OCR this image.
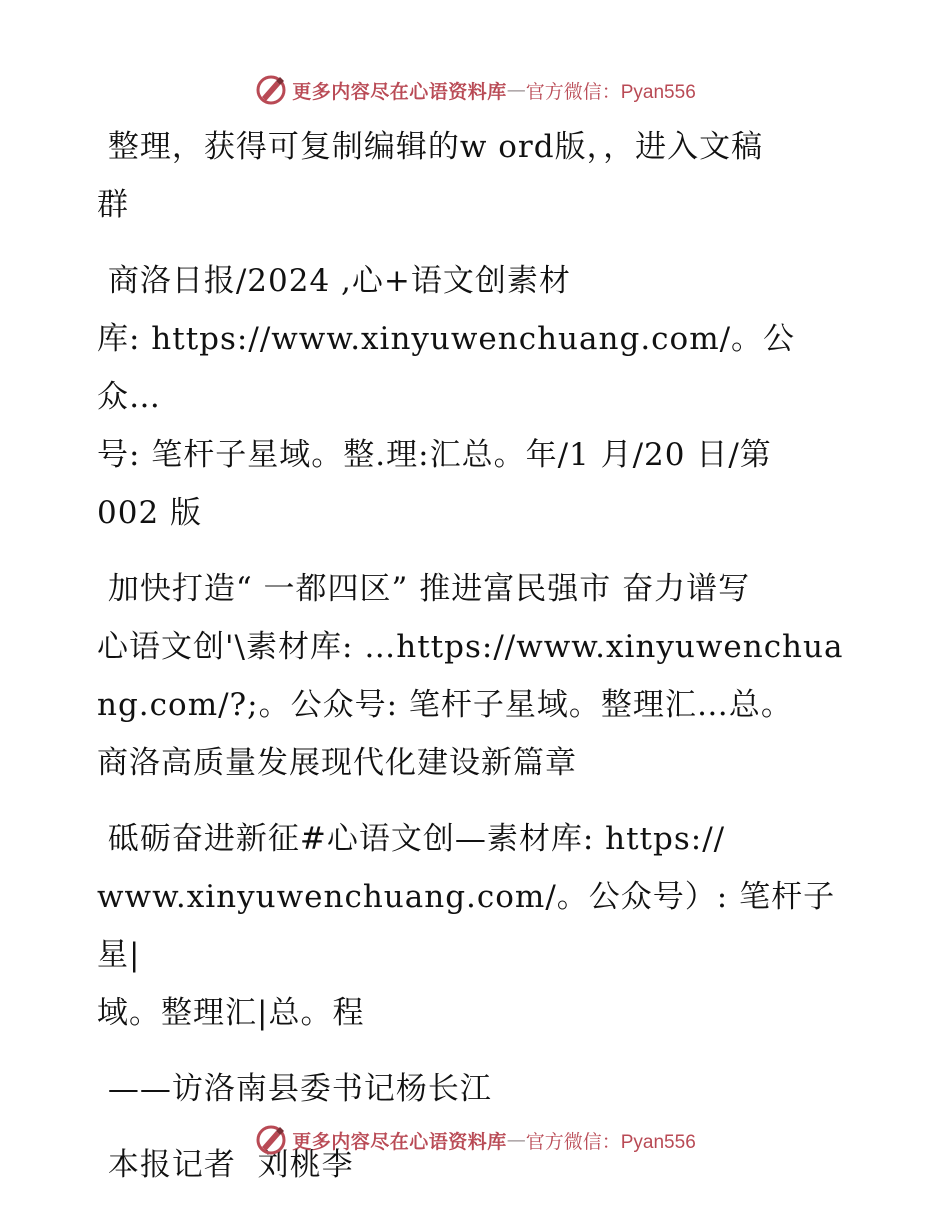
更多内容尽在心语资料库 — 官方微信：Pyan556

整理，获得可复制编辑的w ord版，，进入文稿
群

商洛日报/2024 ,心+语文创素材
库: https://www.xinyuwenchuang.com/。公众…
号: 笔杆子星域。整.理:汇总。年/1 月/20 日/第
002 版

加快打造“ 一都四区” 推进富民强市 奋力谱写
心语文创'\素材库: …https://www.xinyuwenchua
ng.com/?;。公众号: 笔杆子星域。整理汇…总。
商洛高质量发展现代化建设新篇章

砥砺奋进新征#心语文创—素材库: https://
www.xinyuwenchuang.com/。公众号）: 笔杆子星|
域。整理汇|总。程

——访洛南县委书记杨长江

本报记者  刘桃李

更多内容尽在心语资料库 — 官方微信：Pyan556
